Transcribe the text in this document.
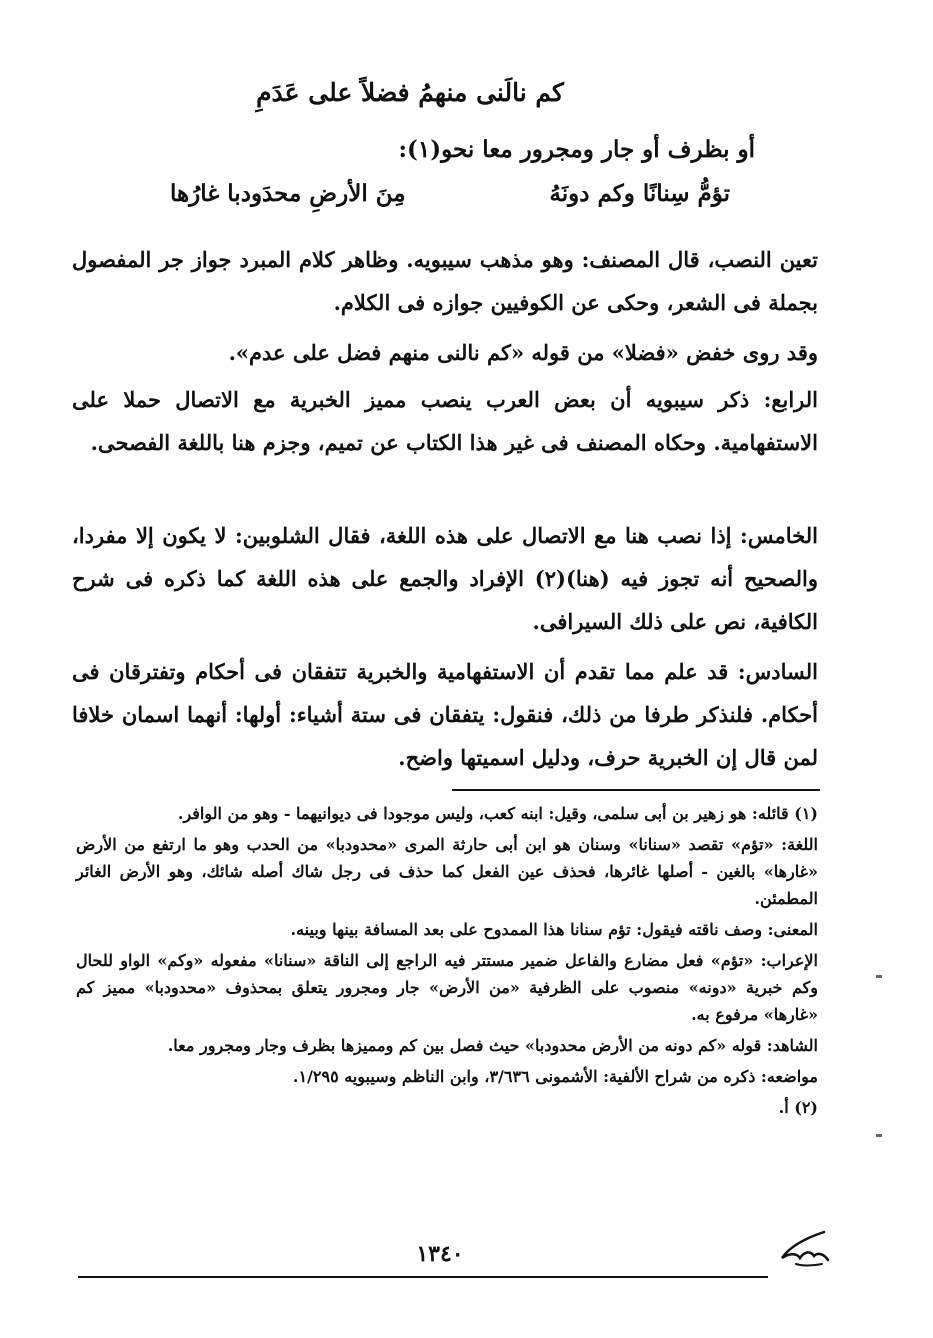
كم نالَنى منهمُ فضلاً على عَدَمِ
أو بظرف أو جار ومجرور معا نحو(١):
تؤمُّ سِنانًا وكم دونَهُ
مِنَ الأرضِ محدَودبا غارُها
تعين النصب، قال المصنف: وهو مذهب سيبويه. وظاهر كلام المبرد جواز جر المفصول بجملة فى الشعر، وحكى عن الكوفيين جوازه فى الكلام.
وقد روى خفض «فضلا» من قوله «كم نالنى منهم فضل على عدم».
الرابع: ذكر سيبويه أن بعض العرب ينصب مميز الخبرية مع الاتصال حملا على الاستفهامية. وحكاه المصنف فى غير هذا الكتاب عن تميم، وجزم هنا باللغة الفصحى.
الخامس: إذا نصب هنا مع الاتصال على هذه اللغة، فقال الشلوبين: لا يكون إلا مفردا، والصحيح أنه تجوز فيه (هنا)(٢) الإفراد والجمع على هذه اللغة كما ذكره فى شرح الكافية، نص على ذلك السيرافى.
السادس: قد علم مما تقدم أن الاستفهامية والخبرية تتفقان فى أحكام وتفترقان فى أحكام. فلنذكر طرفا من ذلك، فنقول: يتفقان فى ستة أشياء: أولها: أنهما اسمان خلافا لمن قال إن الخبرية حرف، ودليل اسميتها واضح.

(١) قائله: هو زهير بن أبى سلمى، وقيل: ابنه كعب، وليس موجودا فى ديوانيهما - وهو من الوافر.

اللغة: «تؤم» تقصد «سنانا» وسنان هو ابن أبى حارثة المرى «محدودبا» من الحدب وهو ما ارتفع من الأرض «غارها» بالغين - أصلها غائرها، فحذف عين الفعل كما حذف فى رجل شاك أصله شائك، وهو الأرض الغائر المطمئن.

المعنى: وصف ناقته فيقول: تؤم سنانا هذا الممدوح على بعد المسافة بينها وبينه.

الإعراب: «تؤم» فعل مضارع والفاعل ضمير مستتر فيه الراجع إلى الناقة «سنانا» مفعوله «وكم» الواو للحال وكم خبرية «دونه» منصوب على الظرفية «من الأرض» جار ومجرور يتعلق بمحذوف «محدودبا» مميز كم «غارها» مرفوع به.

الشاهد: قوله «كم دونه من الأرض محدودبا» حيث فصل بين كم ومميزها بظرف وجار ومجرور معا.

مواضعه: ذكره من شراح الألفية: الأشمونى ٣/٦٣٦، وابن الناظم وسيبويه ١/٢٩٥.

(٢) أ.

١٣٤٠
